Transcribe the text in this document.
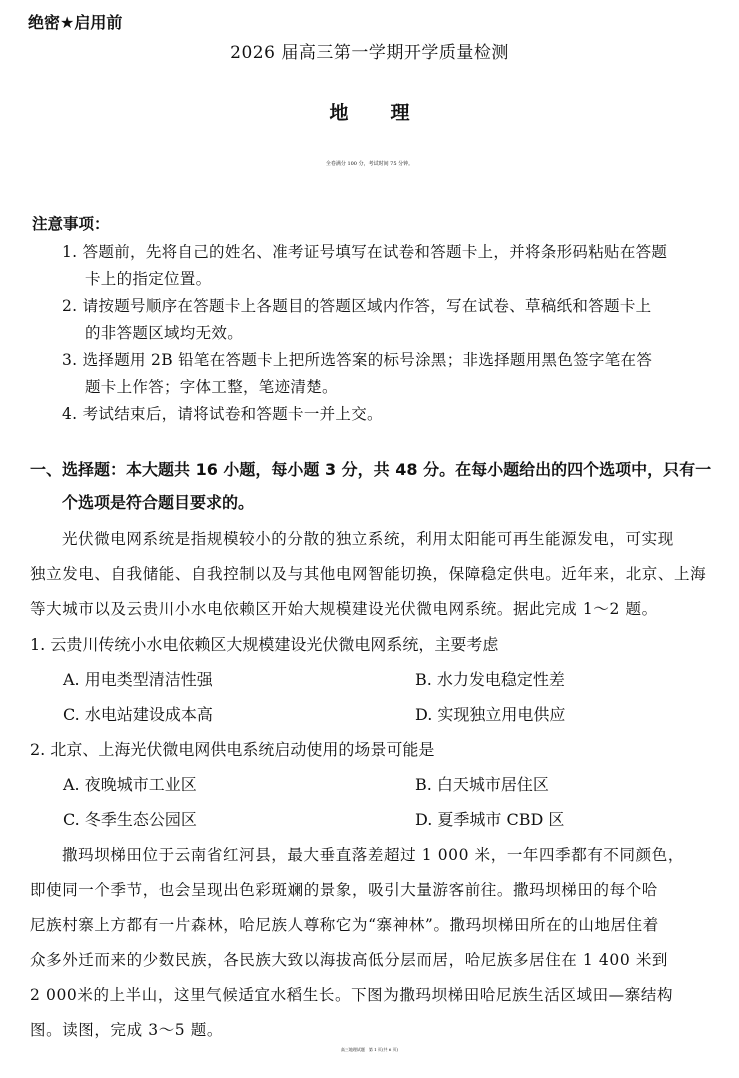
绝密★启用前
2026 届高三第一学期开学质量检测
地理
全卷满分 100 分，考试时间 75 分钟。
注意事项：
1. 答题前，先将自己的姓名、准考证号填写在试卷和答题卡上，并将条形码粘贴在答题
卡上的指定位置。
2. 请按题号顺序在答题卡上各题目的答题区域内作答，写在试卷、草稿纸和答题卡上
的非答题区域均无效。
3. 选择题用 2B 铅笔在答题卡上把所选答案的标号涂黑；非选择题用黑色签字笔在答
题卡上作答；字体工整，笔迹清楚。
4. 考试结束后，请将试卷和答题卡一并上交。
一、选择题：本大题共 16 小题，每小题 3 分，共 48 分。在每小题给出的四个选项中，只有一
个选项是符合题目要求的。
光伏微电网系统是指规模较小的分散的独立系统，利用太阳能可再生能源发电，可实现
独立发电、自我储能、自我控制以及与其他电网智能切换，保障稳定供电。近年来，北京、上海
等大城市以及云贵川小水电依赖区开始大规模建设光伏微电网系统。据此完成 1～2 题。
1. 云贵川传统小水电依赖区大规模建设光伏微电网系统，主要考虑
A. 用电类型清洁性强	B. 水力发电稳定性差
C. 水电站建设成本高	D. 实现独立用电供应
2. 北京、上海光伏微电网供电系统启动使用的场景可能是
A. 夜晚城市工业区	B. 白天城市居住区
C. 冬季生态公园区	D. 夏季城市 CBD 区
撒玛坝梯田位于云南省红河县，最大垂直落差超过 1 000 米，一年四季都有不同颜色，
即使同一个季节，也会呈现出色彩斑斓的景象，吸引大量游客前往。撒玛坝梯田的每个哈
尼族村寨上方都有一片森林，哈尼族人尊称它为“寨神林”。撒玛坝梯田所在的山地居住着
众多外迁而来的少数民族，各民族大致以海拔高低分层而居，哈尼族多居住在 1 400 米到
2 000米的上半山，这里气候适宜水稻生长。下图为撒玛坝梯田哈尼族生活区域田—寨结构
图。读图，完成 3～5 题。
高三地理试题　第 1 页(共 6 页)
